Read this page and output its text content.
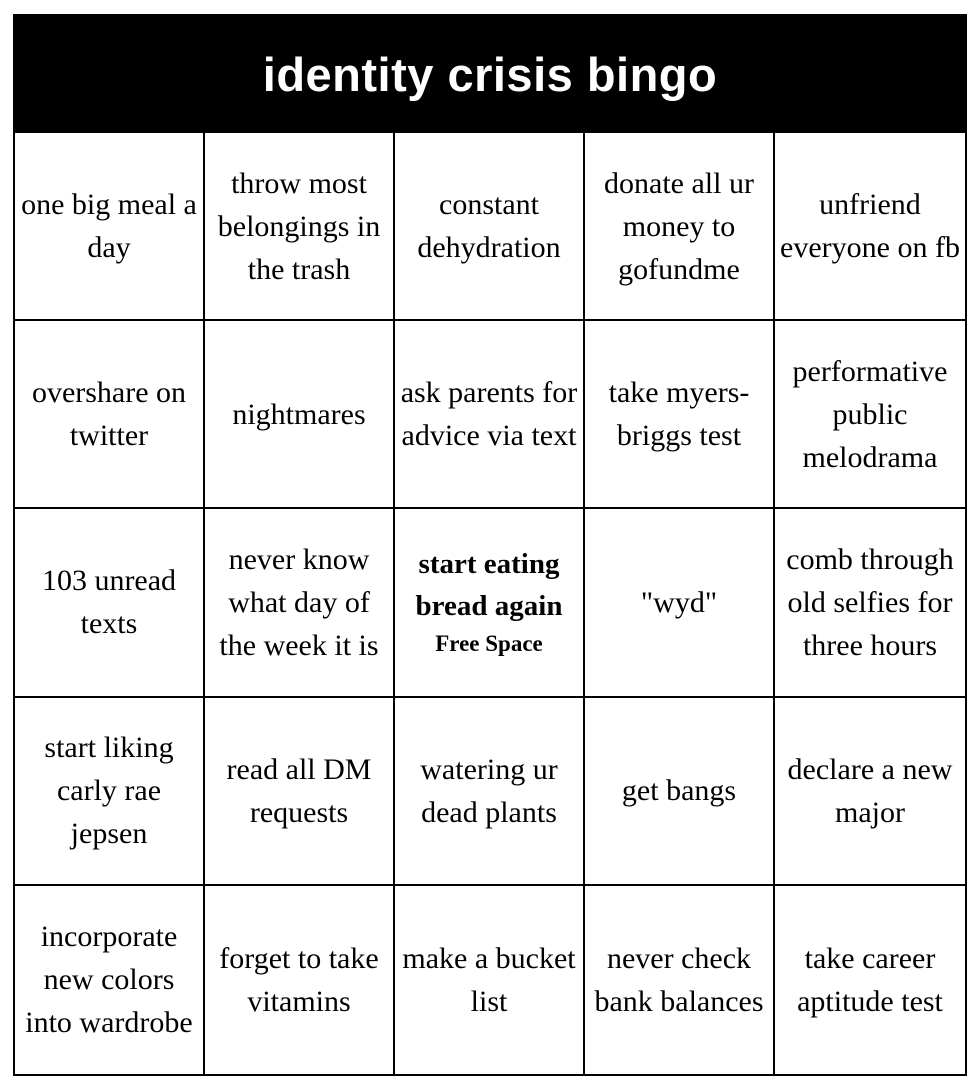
identity crisis bingo
one big meal a day
throw most belongings in the trash
constant dehydration
donate all ur money to gofundme
unfriend everyone on fb
overshare on twitter
nightmares
ask parents for advice via text
take myers-briggs test
performative public melodrama
103 unread texts
never know what day of the week it is
start eating bread again
Free Space
"wyd"
comb through old selfies for three hours
start liking carly rae jepsen
read all DM requests
watering ur dead plants
get bangs
declare a new major
incorporate new colors into wardrobe
forget to take vitamins
make a bucket list
never check bank balances
take career aptitude test
